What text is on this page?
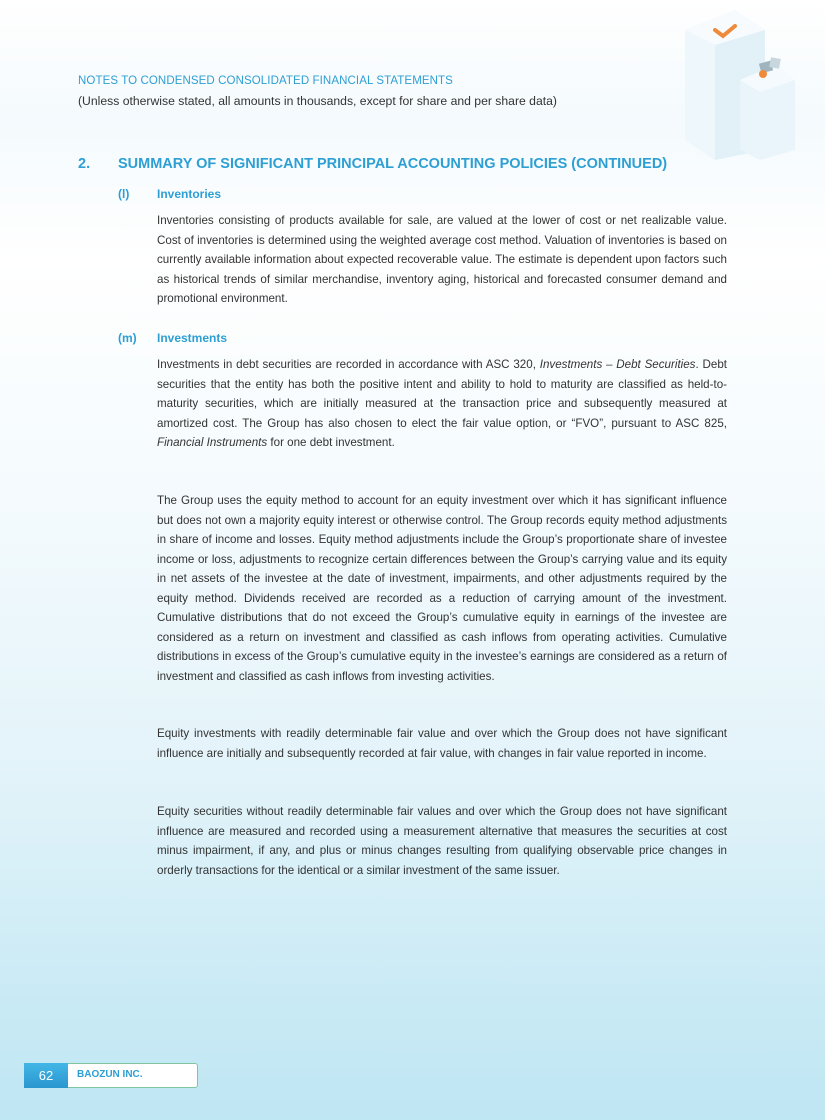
NOTES TO CONDENSED CONSOLIDATED FINANCIAL STATEMENTS
(Unless otherwise stated, all amounts in thousands, except for share and per share data)
2. SUMMARY OF SIGNIFICANT PRINCIPAL ACCOUNTING POLICIES (CONTINUED)
(l) Inventories

Inventories consisting of products available for sale, are valued at the lower of cost or net realizable value. Cost of inventories is determined using the weighted average cost method. Valuation of inventories is based on currently available information about expected recoverable value. The estimate is dependent upon factors such as historical trends of similar merchandise, inventory aging, historical and forecasted consumer demand and promotional environment.

(m) Investments

Investments in debt securities are recorded in accordance with ASC 320, Investments – Debt Securities. Debt securities that the entity has both the positive intent and ability to hold to maturity are classified as held-to-maturity securities, which are initially measured at the transaction price and subsequently measured at amortized cost. The Group has also chosen to elect the fair value option, or “FVO”, pursuant to ASC 825, Financial Instruments for one debt investment.

The Group uses the equity method to account for an equity investment over which it has significant influence but does not own a majority equity interest or otherwise control. The Group records equity method adjustments in share of income and losses. Equity method adjustments include the Group’s proportionate share of investee income or loss, adjustments to recognize certain differences between the Group’s carrying value and its equity in net assets of the investee at the date of investment, impairments, and other adjustments required by the equity method. Dividends received are recorded as a reduction of carrying amount of the investment. Cumulative distributions that do not exceed the Group’s cumulative equity in earnings of the investee are considered as a return on investment and classified as cash inflows from operating activities. Cumulative distributions in excess of the Group’s cumulative equity in the investee’s earnings are considered as a return of investment and classified as cash inflows from investing activities.

Equity investments with readily determinable fair value and over which the Group does not have significant influence are initially and subsequently recorded at fair value, with changes in fair value reported in income.

Equity securities without readily determinable fair values and over which the Group does not have significant influence are measured and recorded using a measurement alternative that measures the securities at cost minus impairment, if any, and plus or minus changes resulting from qualifying observable price changes in orderly transactions for the identical or a similar investment of the same issuer.

62	BAOZUN INC.
